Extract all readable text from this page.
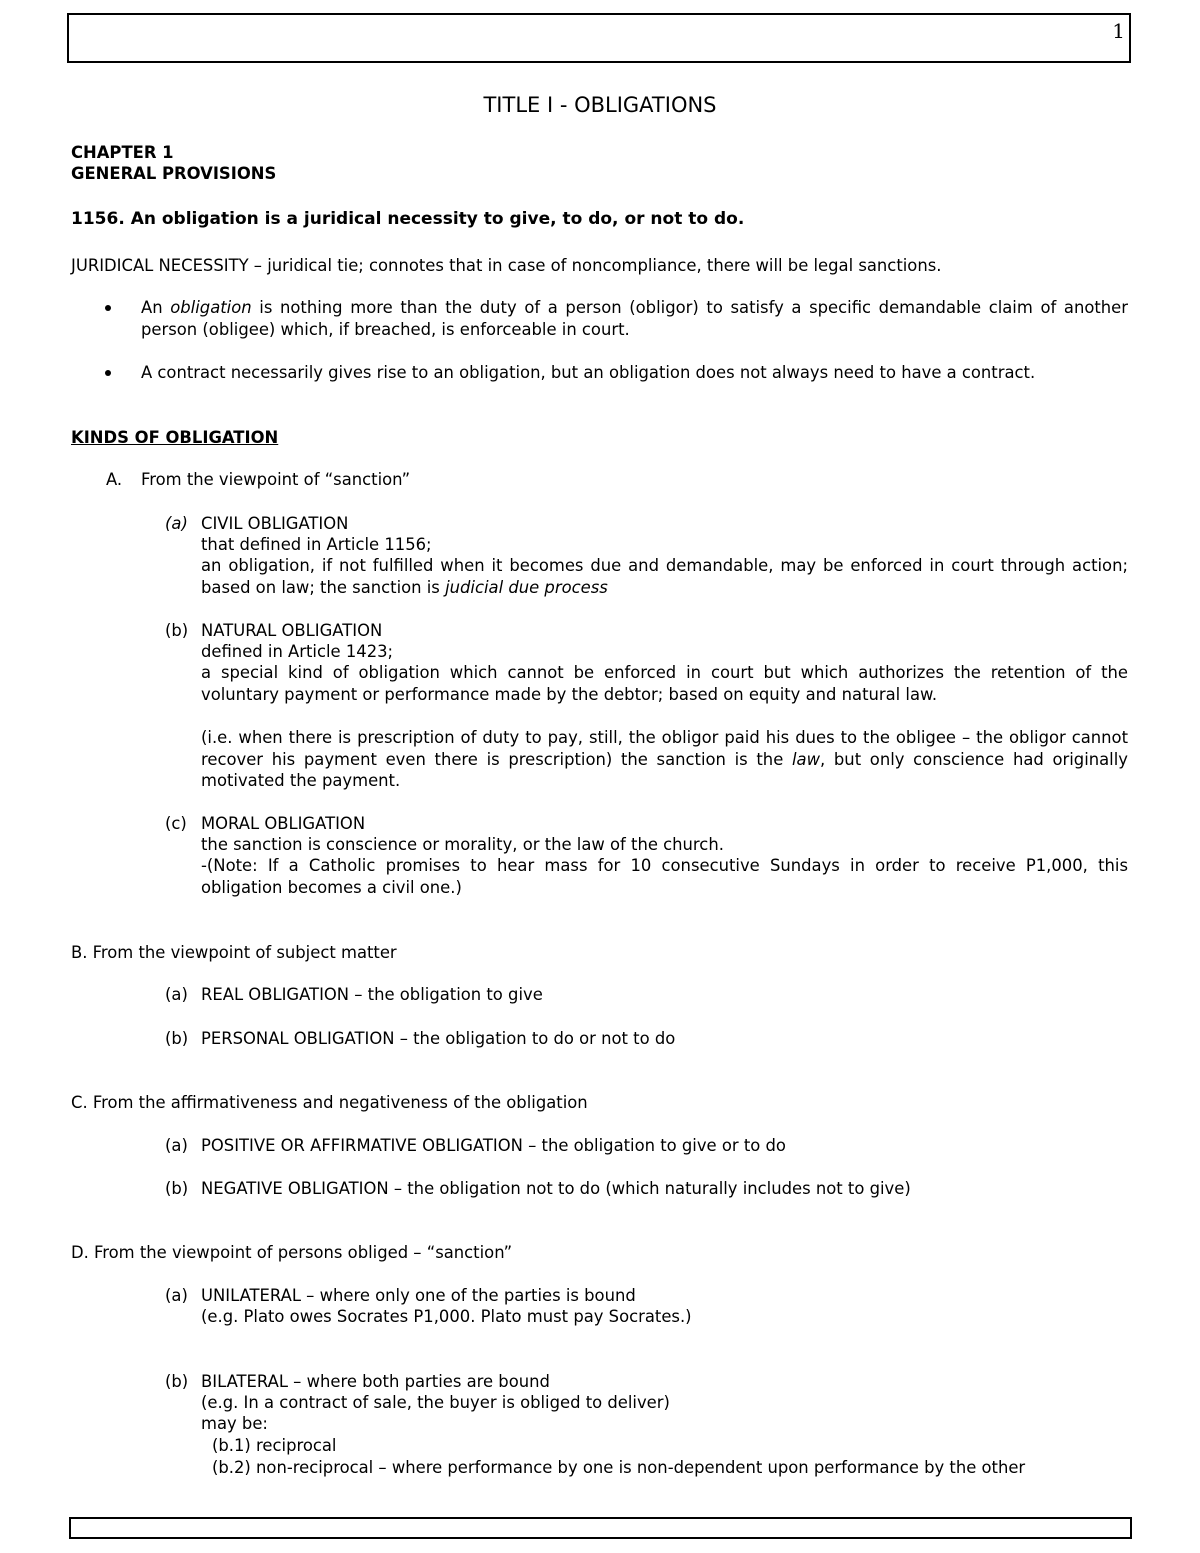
1
TITLE I - OBLIGATIONS
CHAPTER 1
GENERAL PROVISIONS
1156. An obligation is a juridical necessity to give, to do, or not to do.
JURIDICAL NECESSITY – juridical tie; connotes that in case of noncompliance, there will be legal sanctions.
An obligation is nothing more than the duty of a person (obligor) to satisfy a specific demandable claim of another person (obligee) which, if breached, is enforceable in court.
A contract necessarily gives rise to an obligation, but an obligation does not always need to have a contract.
KINDS OF OBLIGATION
A. From the viewpoint of “sanction”
(a) CIVIL OBLIGATION
that defined in Article 1156;
an obligation, if not fulfilled when it becomes due and demandable, may be enforced in court through action; based on law; the sanction is judicial due process
(b) NATURAL OBLIGATION
defined in Article 1423;
a special kind of obligation which cannot be enforced in court but which authorizes the retention of the voluntary payment or performance made by the debtor; based on equity and natural law.
(i.e. when there is prescription of duty to pay, still, the obligor paid his dues to the obligee – the obligor cannot recover his payment even there is prescription) the sanction is the law, but only conscience had originally motivated the payment.
(c) MORAL OBLIGATION
the sanction is conscience or morality, or the law of the church.
-(Note: If a Catholic promises to hear mass for 10 consecutive Sundays in order to receive P1,000, this obligation becomes a civil one.)
B. From the viewpoint of subject matter
(a) REAL OBLIGATION – the obligation to give
(b) PERSONAL OBLIGATION – the obligation to do or not to do
C. From the affirmativeness and negativeness of the obligation
(a) POSITIVE OR AFFIRMATIVE OBLIGATION – the obligation to give or to do
(b) NEGATIVE OBLIGATION – the obligation not to do (which naturally includes not to give)
D. From the viewpoint of persons obliged – “sanction”
(a) UNILATERAL – where only one of the parties is bound
(e.g. Plato owes Socrates P1,000. Plato must pay Socrates.)
(b) BILATERAL – where both parties are bound
(e.g. In a contract of sale, the buyer is obliged to deliver)
may be:
(b.1) reciprocal
(b.2) non-reciprocal – where performance by one is non-dependent upon performance by the other
